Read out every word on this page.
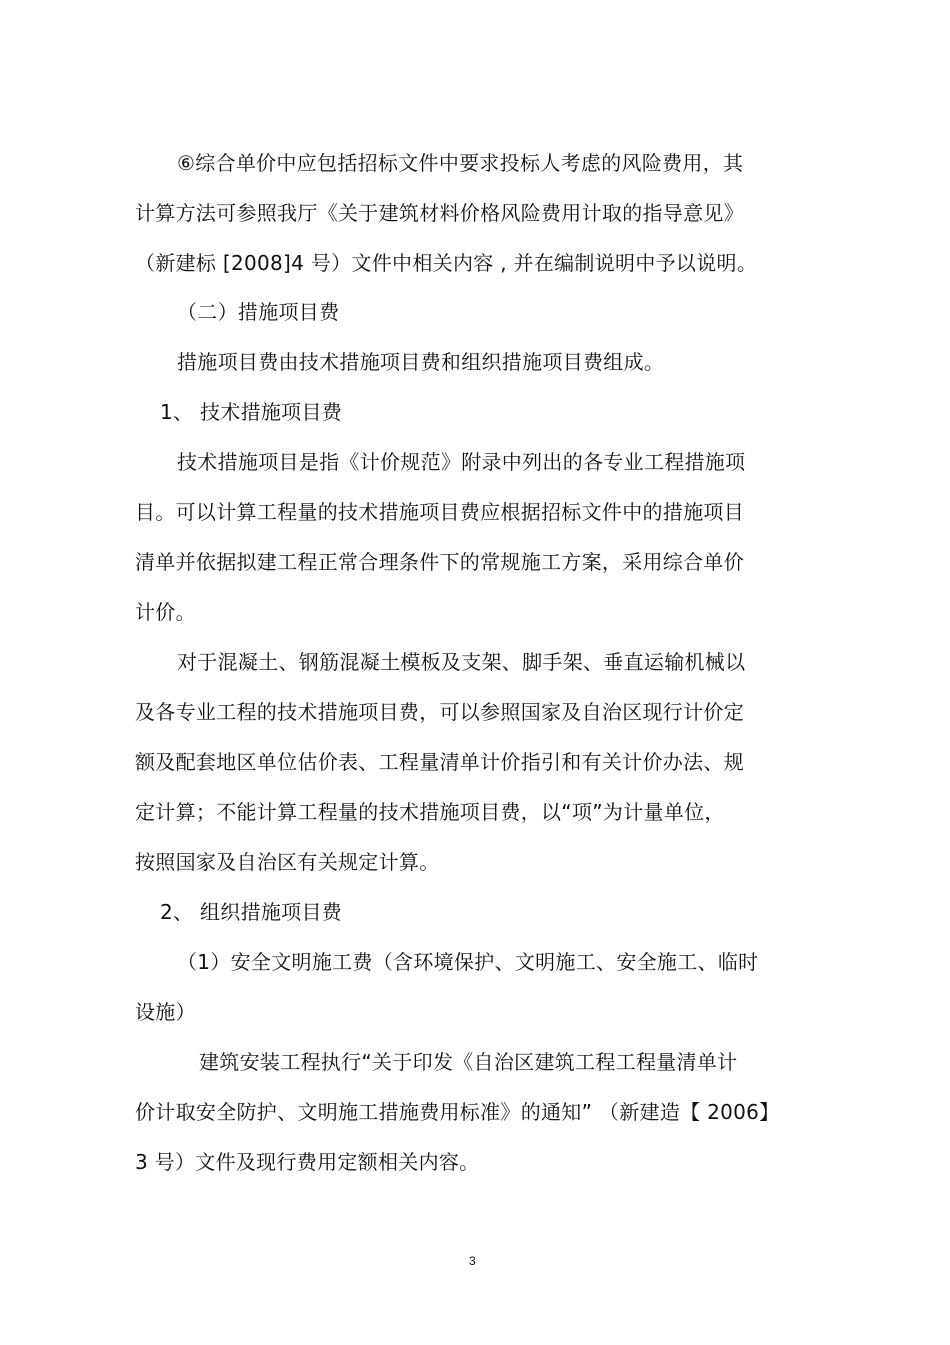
⑥综合单价中应包括招标文件中要求投标人考虑的风险费用，其
计算方法可参照我厅《关于建筑材料价格风险费用计取的指导意见》
（新建标 [2008]4 号）文件中相关内容 , 并在编制说明中予以说明。
（二）措施项目费
措施项目费由技术措施项目费和组织措施项目费组成。
1、 技术措施项目费
技术措施项目是指《计价规范》附录中列出的各专业工程措施项
目。可以计算工程量的技术措施项目费应根据招标文件中的措施项目
清单并依据拟建工程正常合理条件下的常规施工方案，采用综合单价
计价。
对于混凝土、钢筋混凝土模板及支架、脚手架、垂直运输机械以
及各专业工程的技术措施项目费，可以参照国家及自治区现行计价定
额及配套地区单位估价表、工程量清单计价指引和有关计价办法、规
定计算；不能计算工程量的技术措施项目费，以“项”为计量单位，
按照国家及自治区有关规定计算。
2、 组织措施项目费
（1）安全文明施工费（含环境保护、文明施工、安全施工、临时
设施）
建筑安装工程执行“关于印发《自治区建筑工程工程量清单计
价计取安全防护、文明施工措施费用标准》的通知” （新建造【 2006】
3 号）文件及现行费用定额相关内容。
3
